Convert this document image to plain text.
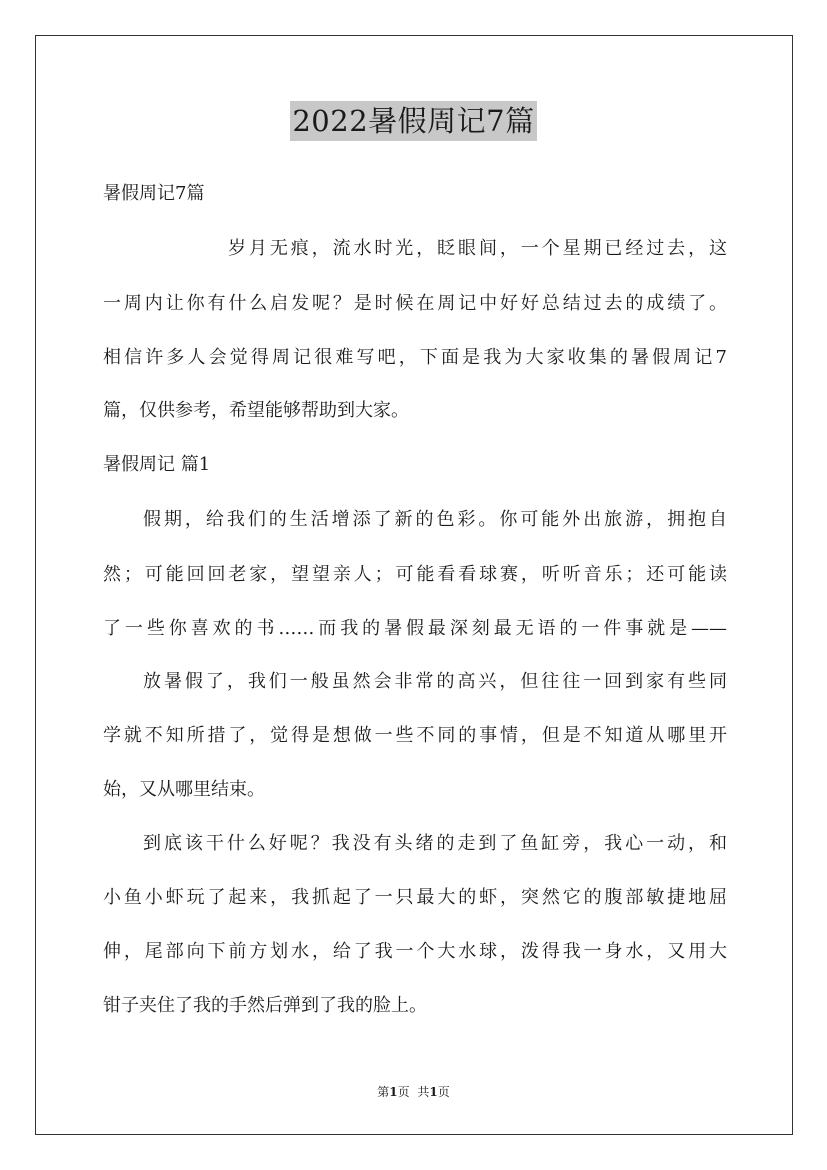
2022暑假周记7篇
暑假周记7篇
岁月无痕，流水时光，眨眼间，一个星期已经过去，这
一周内让你有什么启发呢？是时候在周记中好好总结过去的成绩了。
相信许多人会觉得周记很难写吧，下面是我为大家收集的暑假周记7
篇，仅供参考，希望能够帮助到大家。
暑假周记 篇1
假期，给我们的生活增添了新的色彩。你可能外出旅游，拥抱自
然；可能回回老家，望望亲人；可能看看球赛，听听音乐；还可能读
了一些你喜欢的书……而我的暑假最深刻最无语的一件事就是——
放暑假了，我们一般虽然会非常的高兴，但往往一回到家有些同
学就不知所措了，觉得是想做一些不同的事情，但是不知道从哪里开
始，又从哪里结束。
到底该干什么好呢？我没有头绪的走到了鱼缸旁，我心一动，和
小鱼小虾玩了起来，我抓起了一只最大的虾，突然它的腹部敏捷地屈
伸，尾部向下前方划水，给了我一个大水球，泼得我一身水，又用大
钳子夹住了我的手然后弹到了我的脸上。
第1页 共1页
